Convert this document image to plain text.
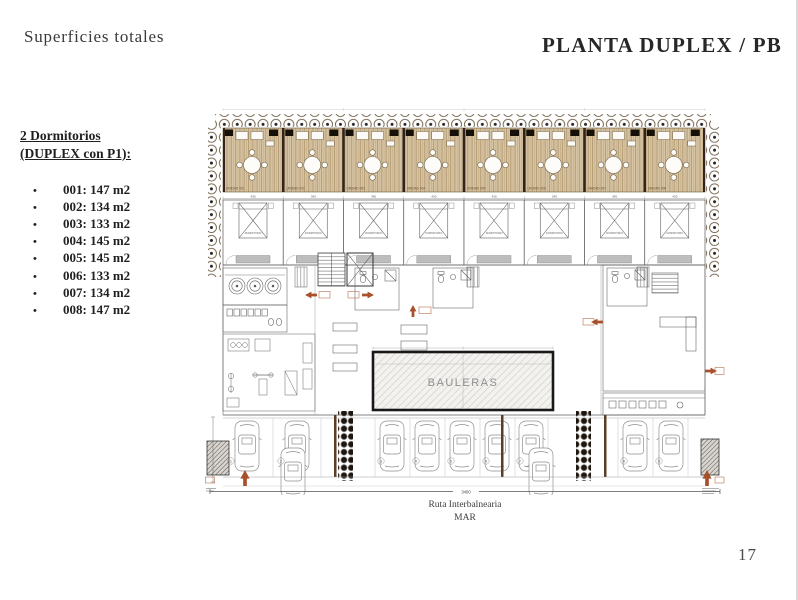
Superficies totales	PLANTA DUPLEX / PB
2 Dormitorios
(DUPLEX con P1):
•	001: 147 m2
•	002: 134 m2
•	003: 133 m2
•	004: 145 m2
•	005: 145 m2
•	006: 133 m2
•	007: 134 m2
•	008: 147 m2
UNIDAD 001	UNIDAD 002	UNIDAD 003	UNIDAD 004	UNIDAD 005	UNIDAD 006	UNIDAD 007	UNIDAD 008
430	345	345	430	430	345	345	430
DORMITORIO	DORMITORIO	DORMITORIO	DORMITORIO	DORMITORIO	DORMITORIO	DORMITORIO	DORMITORIO
BAULERAS
1	2	3	4	5	6	7	8	9
3400
Ruta Interbalnearia
MAR
17
